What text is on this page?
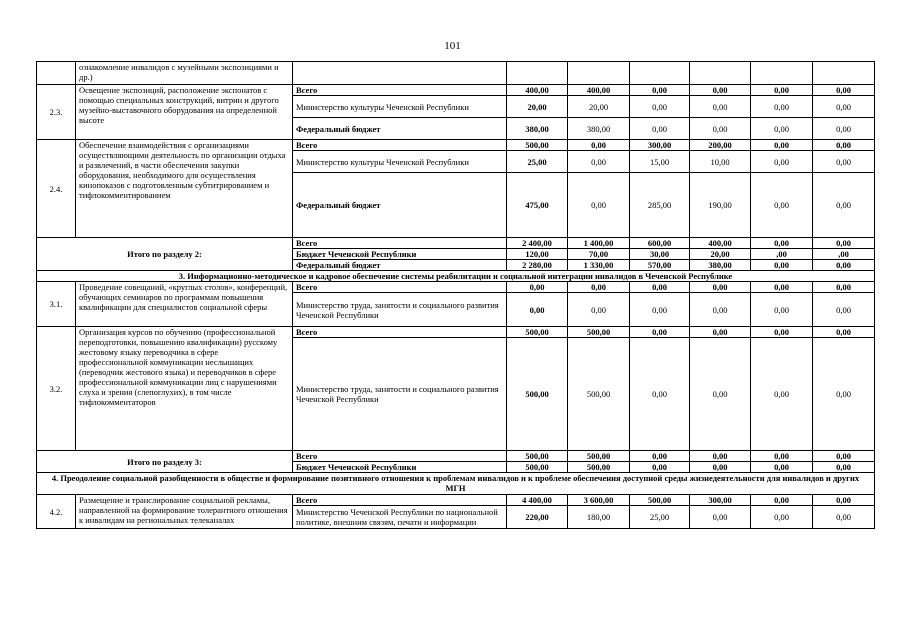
101
	ознакомление инвалидов с музейными экспозициями и др.)							
2.3.	Освещение экспозиций, расположение экспонатов с помощью специальных конструкций, витрин и другого музейно-выставочного оборудования на определенной высоте	Всего	400,00	400,00	0,00	0,00	0,00	0,00
		Министерство культуры Чеченской Республики	20,00	20,00	0,00	0,00	0,00	0,00
		Федеральный бюджет	380,00	380,00	0,00	0,00	0,00	0,00
2.4.	Обеспечение взаимодействия с организациями осуществляющими деятельность по организации отдыха и развлечений, в части обеспечения закупки оборудования, необходимого для осуществления кинопоказов с подготовленным субтитрированием и тифлокомментированием	Всего	500,00	0,00	300,00	200,00	0,00	0,00
		Министерство культуры Чеченской Республики	25,00	0,00	15,00	10,00	0,00	0,00
		Федеральный бюджет	475,00	0,00	285,00	190,00	0,00	0,00
Итого по разделу 2:		Всего	2 400,00	1 400,00	600,00	400,00	0,00	0,00
		Бюджет Чеченской Республики	120,00	70,00	30,00	20,00	,00	,00
		Федеральный бюджет	2 280,00	1 330,00	570,00	380,00	0,00	0,00
3. Информационно-методическое и кадровое обеспечение системы реабилитации и социальной интеграции инвалидов в Чеченской Республике								
3.1.	Проведение совещаний, «круглых столов», конференций, обучающих семинаров по программам повышения квалификации для специалистов социальной сферы	Всего	0,00	0,00	0,00	0,00	0,00	0,00
		Министерство труда, занятости и социального развития Чеченской Республики	0,00	0,00	0,00	0,00	0,00	0,00
3.2.	Организация курсов по обучению (профессиональной переподготовки, повышению квалификации) русскому жестовому языку переводчика в сфере профессиональной коммуникации неслышащих (переводчик жестового языка) и переводчиков в сфере профессиональной коммуникации лиц с нарушениями слуха и зрения (слепоглухих), в том числе тифлокомментаторов	Всего	500,00	500,00	0,00	0,00	0,00	0,00
		Министерство труда, занятости и социального развития Чеченской Республики	500,00	500,00	0,00	0,00	0,00	0,00
Итого по разделу 3:		Всего	500,00	500,00	0,00	0,00	0,00	0,00
		Бюджет Чеченской Республики	500,00	500,00	0,00	0,00	0,00	0,00
4. Преодоление социальной разобщенности в обществе и формирование позитивного отношения к проблемам инвалидов и к проблеме обеспечения доступной среды жизнедеятельности для инвалидов и других МГН								
4.2.	Размещение и транслирование социальной рекламы, направленной на формирование толерантного отношения к инвалидам на региональных телеканалах	Всего	4 400,00	3 600,00	500,00	300,00	0,00	0,00
		Министерство Чеченской Республики по национальной политике, внешним связям, печати и информации	220,00	180,00	25,00	0,00	0,00	0,00
